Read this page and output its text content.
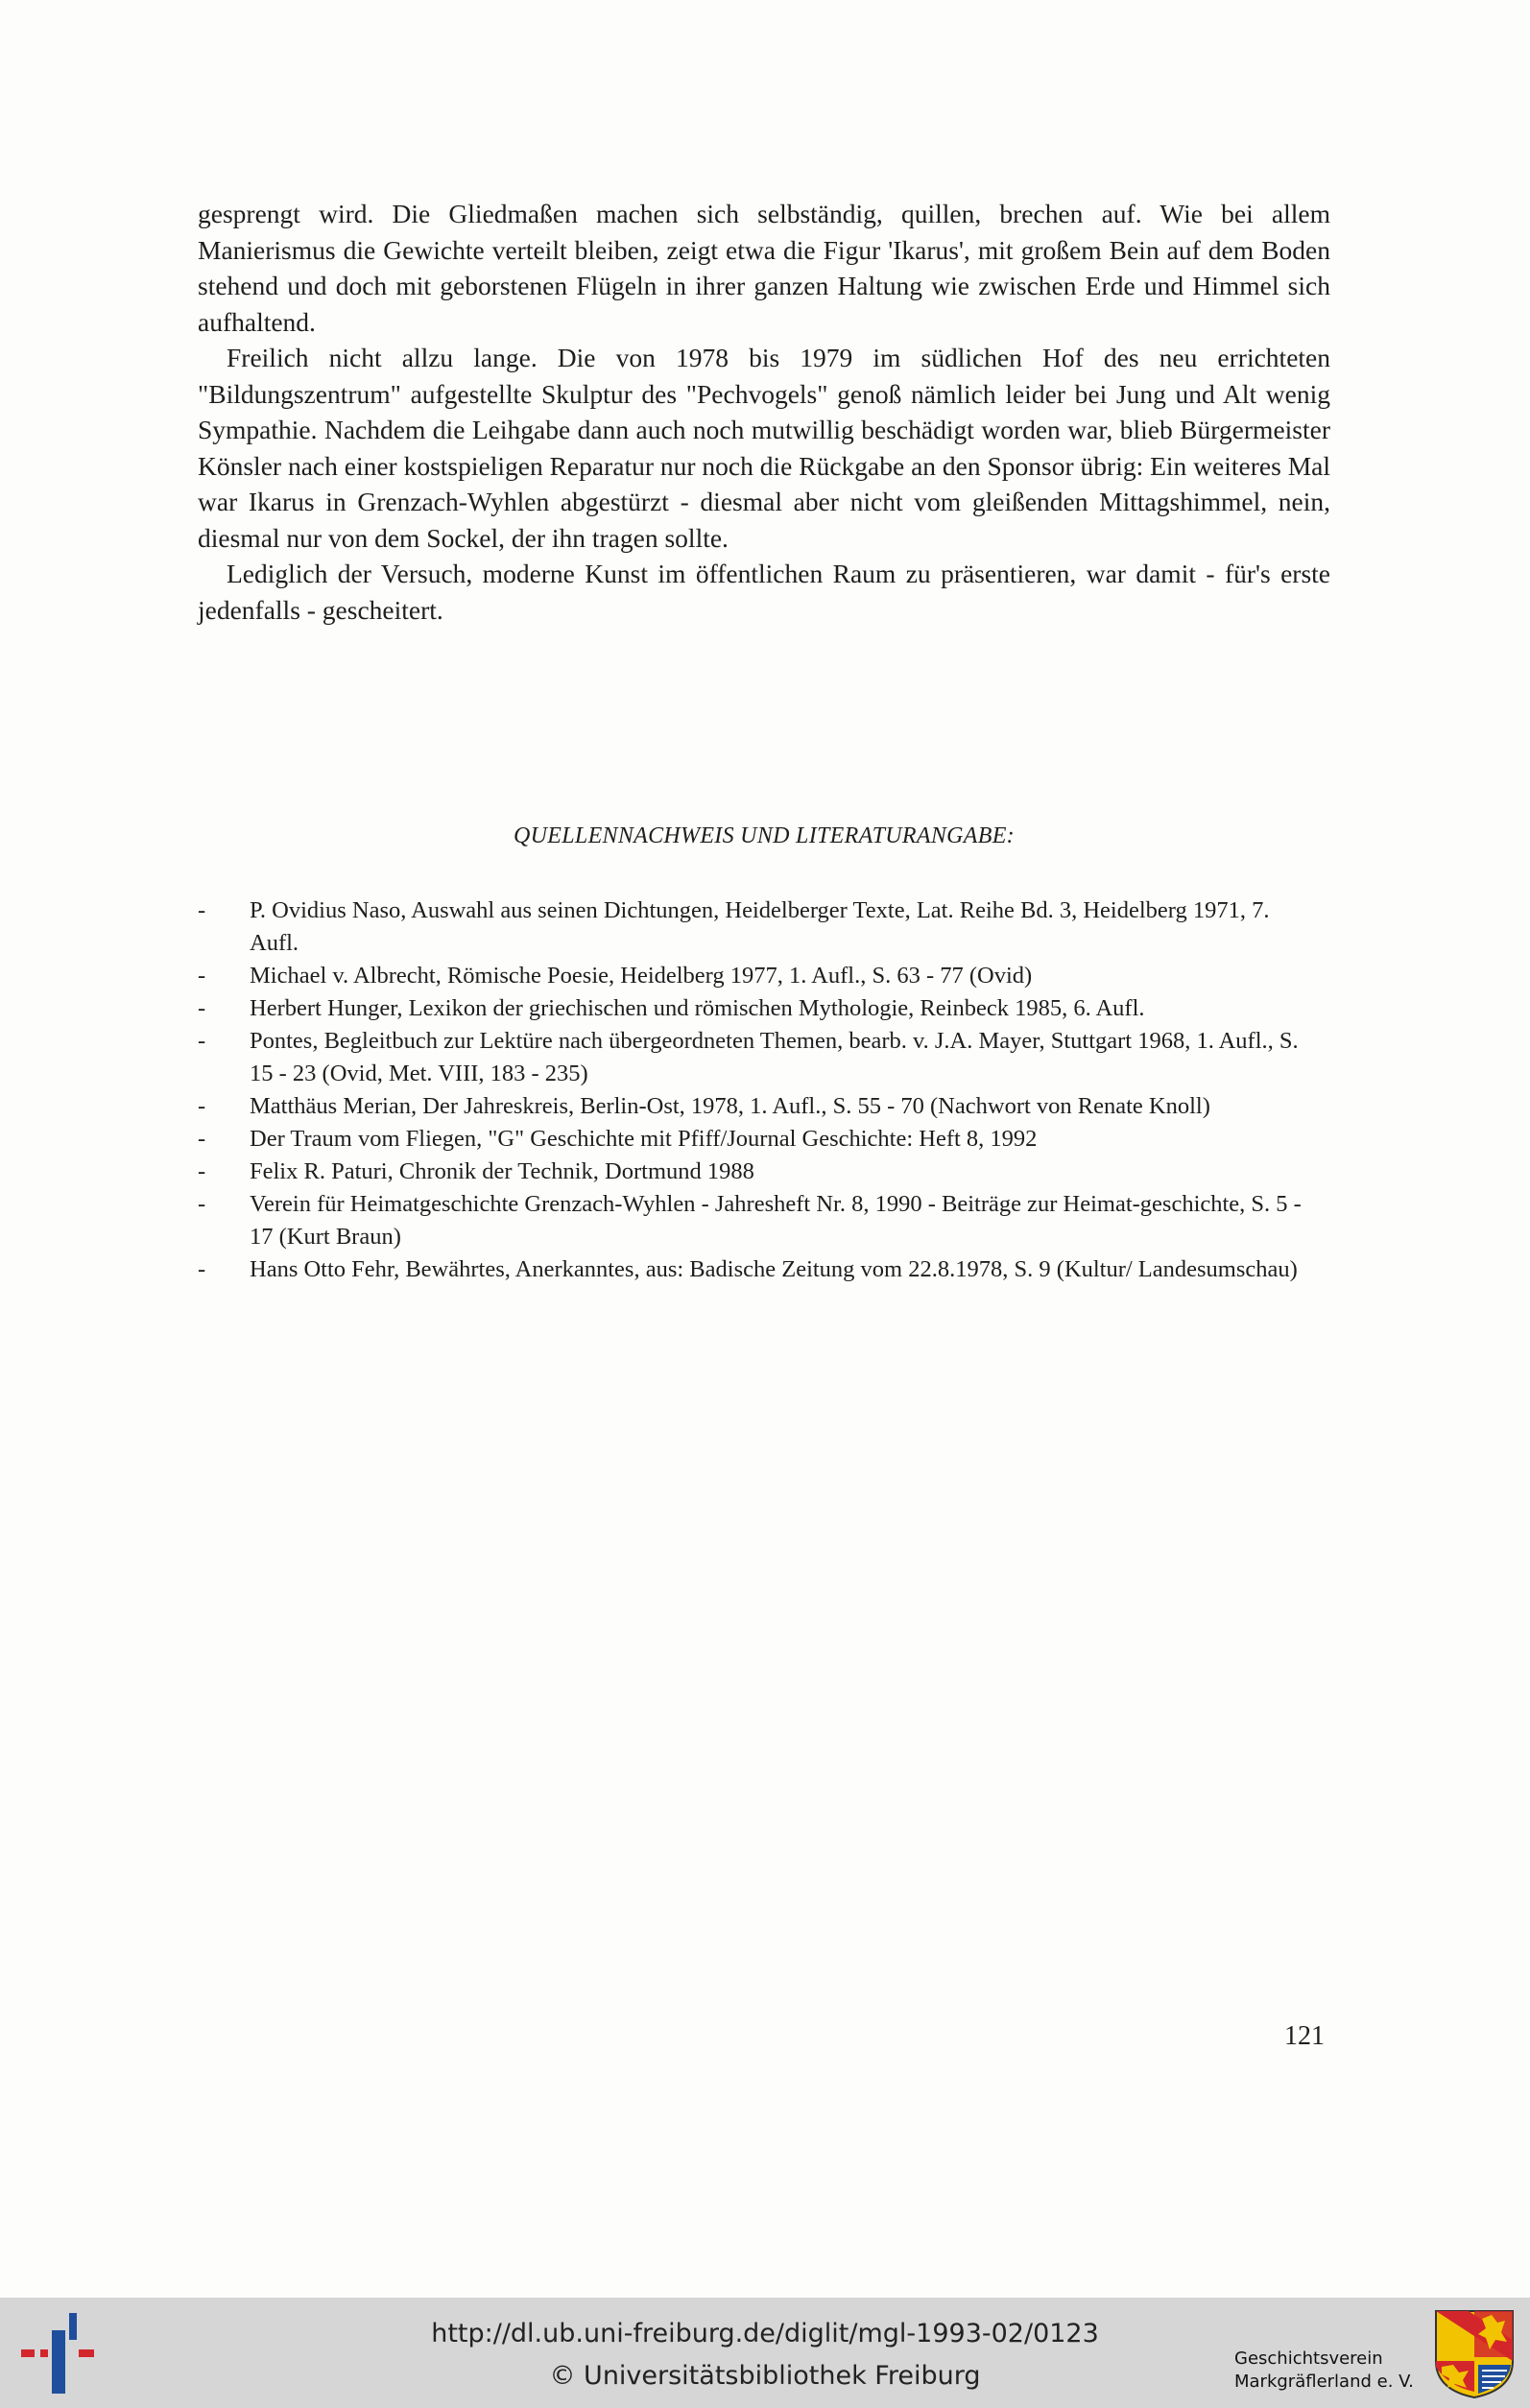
gesprengt wird. Die Gliedmaßen machen sich selbständig, quillen, brechen auf. Wie bei allem Manierismus die Gewichte verteilt bleiben, zeigt etwa die Figur 'Ikarus', mit großem Bein auf dem Boden stehend und doch mit geborstenen Flügeln in ihrer ganzen Haltung wie zwischen Erde und Himmel sich aufhaltend.

Freilich nicht allzu lange. Die von 1978 bis 1979 im südlichen Hof des neu errichteten "Bildungszentrum" aufgestellte Skulptur des "Pechvogels" genoß nämlich leider bei Jung und Alt wenig Sympathie. Nachdem die Leihgabe dann auch noch mutwillig beschädigt worden war, blieb Bürgermeister Könsler nach einer kostspieligen Reparatur nur noch die Rückgabe an den Sponsor übrig: Ein weiteres Mal war Ikarus in Grenzach-Wyhlen abgestürzt - diesmal aber nicht vom gleißenden Mittagshimmel, nein, diesmal nur von dem Sockel, der ihn tragen sollte.

Lediglich der Versuch, moderne Kunst im öffentlichen Raum zu präsentieren, war damit - für's erste jedenfalls - gescheitert.

QUELLENNACHWEIS UND LITERATURANGABE:
- P. Ovidius Naso, Auswahl aus seinen Dichtungen, Heidelberger Texte, Lat. Reihe Bd. 3, Heidelberg 1971, 7. Aufl.
- Michael v. Albrecht, Römische Poesie, Heidelberg 1977, 1. Aufl., S. 63 - 77 (Ovid)
- Herbert Hunger, Lexikon der griechischen und römischen Mythologie, Reinbeck 1985, 6. Aufl.
- Pontes, Begleitbuch zur Lektüre nach übergeordneten Themen, bearb. v. J.A. Mayer, Stuttgart 1968, 1. Aufl., S. 15 - 23 (Ovid, Met. VIII, 183 - 235)
- Matthäus Merian, Der Jahreskreis, Berlin-Ost, 1978, 1. Aufl., S. 55 - 70 (Nachwort von Renate Knoll)
- Der Traum vom Fliegen, "G" Geschichte mit Pfiff/Journal Geschichte: Heft 8, 1992
- Felix R. Paturi, Chronik der Technik, Dortmund 1988
- Verein für Heimatgeschichte Grenzach-Wyhlen - Jahresheft Nr. 8, 1990 - Beiträge zur Heimat-geschichte, S. 5 - 17 (Kurt Braun)
- Hans Otto Fehr, Bewährtes, Anerkanntes, aus: Badische Zeitung vom 22.8.1978, S. 9 (Kultur/ Landesumschau)
121
http://dl.ub.uni-freiburg.de/diglit/mgl-1993-02/0123
© Universitätsbibliothek Freiburg
Geschichtsverein
Markgräflerland e. V.
